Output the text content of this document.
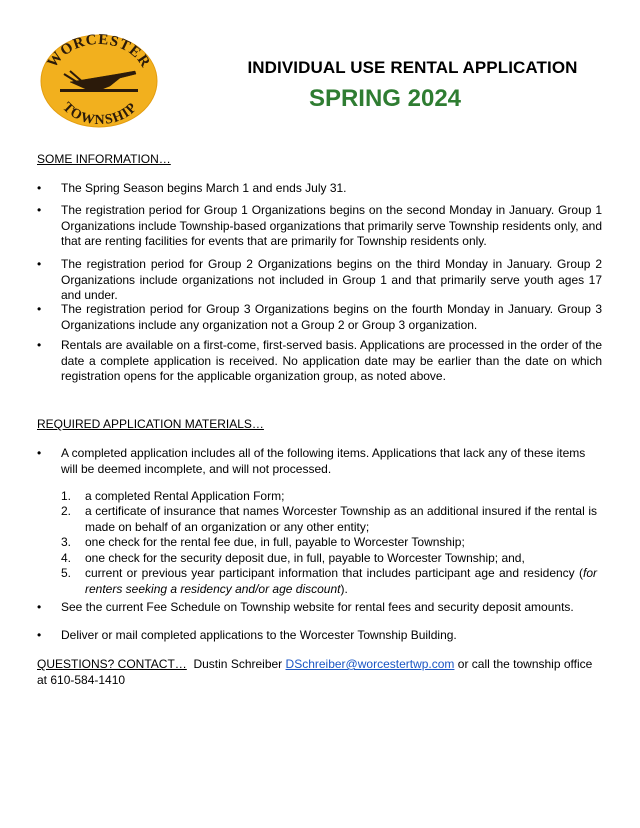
WORCESTER
TOWNSHIP
INDIVIDUAL USE RENTAL APPLICATION
SPRING 2024
SOME INFORMATION…
• The Spring Season begins March 1 and ends July 31.
• The registration period for Group 1 Organizations begins on the second Monday in January. Group 1 Organizations include Township-based organizations that primarily serve Township residents only, and that are renting facilities for events that are primarily for Township residents only.
• The registration period for Group 2 Organizations begins on the third Monday in January. Group 2 Organizations include organizations not included in Group 1 and that primarily serve youth ages 17 and under.
• The registration period for Group 3 Organizations begins on the fourth Monday in January. Group 3 Organizations include any organization not a Group 2 or Group 3 organization.
• Rentals are available on a first-come, first-served basis. Applications are processed in the order of the date a complete application is received. No application date may be earlier than the date on which registration opens for the applicable organization group, as noted above.
REQUIRED APPLICATION MATERIALS…
• A completed application includes all of the following items. Applications that lack any of these items will be deemed incomplete, and will not processed.
1. a completed Rental Application Form;
2. a certificate of insurance that names Worcester Township as an additional insured if the rental is made on behalf of an organization or any other entity;
3. one check for the rental fee due, in full, payable to Worcester Township;
4. one check for the security deposit due, in full, payable to Worcester Township; and,
5. current or previous year participant information that includes participant age and residency (for renters seeking a residency and/or age discount).
• See the current Fee Schedule on Township website for rental fees and security deposit amounts.
• Deliver or mail completed applications to the Worcester Township Building.
QUESTIONS? CONTACT… Dustin Schreiber DSchreiber@worcestertwp.com or call the township office at 610-584-1410
